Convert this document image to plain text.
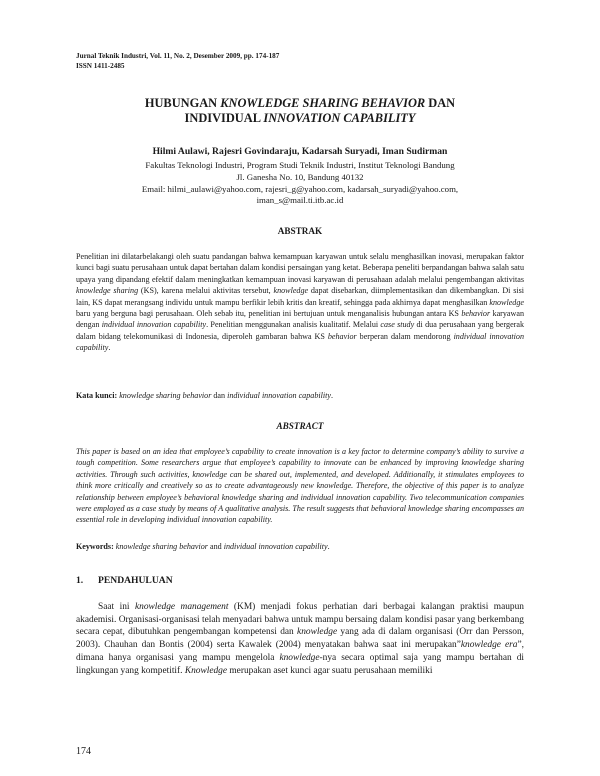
Jurnal Teknik Industri, Vol. 11, No. 2, Desember 2009, pp. 174-187
ISSN 1411-2485
HUBUNGAN KNOWLEDGE SHARING BEHAVIOR DAN
INDIVIDUAL INNOVATION CAPABILITY

Hilmi Aulawi, Rajesri Govindaraju, Kadarsah Suryadi, Iman Sudirman

Fakultas Teknologi Industri, Program Studi Teknik Industri, Institut Teknologi Bandung
Jl. Ganesha No. 10, Bandung 40132
Email: hilmi_aulawi@yahoo.com, rajesri_g@yahoo.com, kadarsah_suryadi@yahoo.com,
iman_s@mail.ti.itb.ac.id
ABSTRAK

Penelitian ini dilatarbelakangi oleh suatu pandangan bahwa kemampuan karyawan untuk selalu menghasilkan inovasi, merupakan faktor kunci bagi suatu perusahaan untuk dapat bertahan dalam kondisi persaingan yang ketat. Beberapa peneliti berpandangan bahwa salah satu upaya yang dipandang efektif dalam meningkatkan kemampuan inovasi karyawan di perusahaan adalah melalui pengembangan aktivitas knowledge sharing (KS), karena melalui aktivitas tersebut, knowledge dapat disebarkan, diimplementasikan dan dikembangkan. Di sisi lain, KS dapat merangsang individu untuk mampu berfikir lebih kritis dan kreatif, sehingga pada akhirnya dapat menghasilkan knowledge baru yang berguna bagi perusahaan. Oleh sebab itu, penelitian ini bertujuan untuk menganalisis hubungan antara KS behavior karyawan dengan individual innovation capability. Penelitian menggunakan analisis kualitatif. Melalui case study di dua perusahaan yang bergerak dalam bidang telekomunikasi di Indonesia, diperoleh gambaran bahwa KS behavior berperan dalam mendorong individual innovation capability.

Kata kunci: knowledge sharing behavior dan individual innovation capability.

ABSTRACT

This paper is based on an idea that employee’s capability to create innovation is a key factor to determine company’s ability to survive a tough competition. Some researchers argue that employee’s capability to innovate can be enhanced by improving knowledge sharing activities. Through such activities, knowledge can be shared out, implemented, and developed. Additionally, it stimulates employees to think more critically and creatively so as to create advantageously new knowledge. Therefore, the objective of this paper is to analyze relationship between employee’s behavioral knowledge sharing and individual innovation capability. Two telecommunication companies were employed as a case study by means of A qualitative analysis. The result suggests that behavioral knowledge sharing encompasses an essential role in developing individual innovation capability.

Keywords: knowledge sharing behavior and individual innovation capability.

1. PENDAHULUAN

Saat ini knowledge management (KM) menjadi fokus perhatian dari berbagai kalangan praktisi maupun akademisi. Organisasi-organisasi telah menyadari bahwa untuk mampu bersaing dalam kondisi pasar yang berkembang secara cepat, dibutuhkan pengembangan kompetensi dan knowledge yang ada di dalam organisasi (Orr dan Persson, 2003). Chauhan dan Bontis (2004) serta Kawalek (2004) menyatakan bahwa saat ini merupakan”knowledge era”, dimana hanya organisasi yang mampu mengelola knowledge-nya secara optimal saja yang mampu bertahan di lingkungan yang kompetitif. Knowledge merupakan aset kunci agar suatu perusahaan memiliki

174
